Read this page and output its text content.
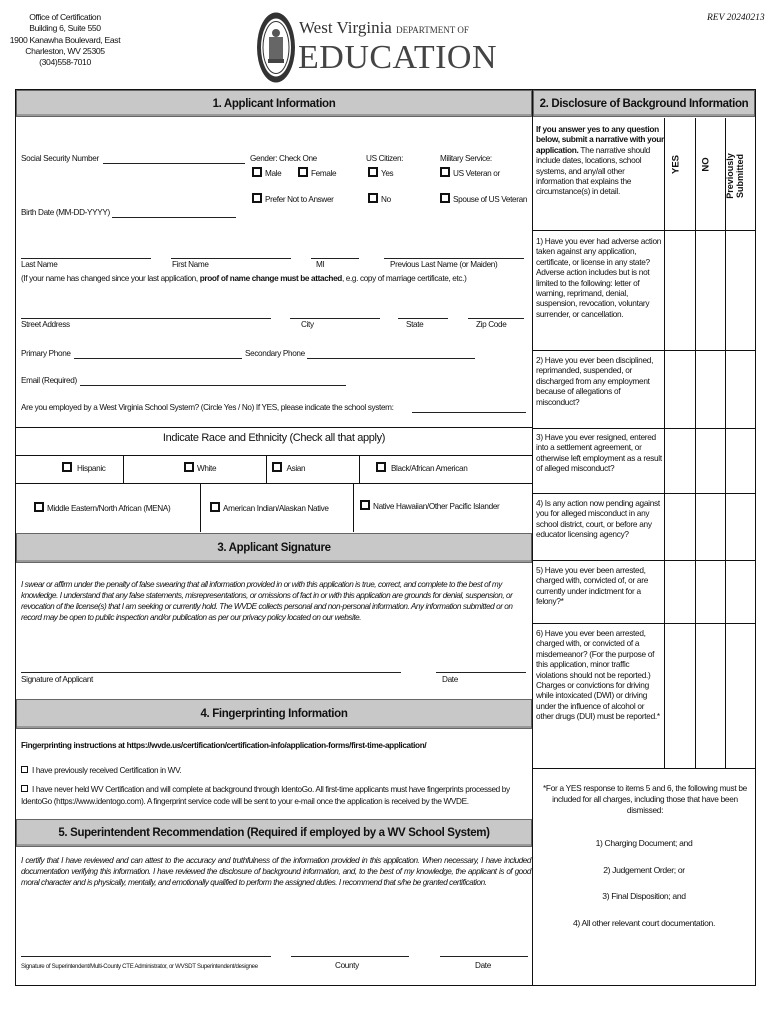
Office of Certification
Building 6, Suite 550
1900 Kanawha Boulevard, East
Charleston, WV 25305
(304)558-7010
West Virginia DEPARTMENT OF
EDUCATION
REV 20240213
1. Applicant Information
Social Security Number	Gender: Check One
Male	Female
Prefer Not to Answer
US Citizen:
Yes
No
Military Service:
US Veteran or
Spouse of US Veteran
Birth Date (MM-DD-YYYY)
Last Name	First Name	MI	Previous Last Name (or Maiden)
(If your name has changed since your last application, proof of name change must be attached, e.g. copy of marriage certificate, etc.)
Street Address	City	State	Zip Code
Primary Phone	Secondary Phone
Email (Required)
Are you employed by a West Virginia School System? (Circle Yes / No) If YES, please indicate the school system:
Indicate Race and Ethnicity (Check all that apply)
Hispanic	White	Asian	Black/African American
Middle Eastern/North African (MENA)	American Indian/Alaskan Native	Native Hawaiian/Other Pacific Islander
3. Applicant Signature
I swear or affirm under the penalty of false swearing that all information provided in or with this application is true, correct, and complete to the best of my knowledge. I understand that any false statements, misrepresentations, or omissions of fact in or with this application are grounds for denial, suspension, or revocation of the license(s) that I am seeking or currently hold. The WVDE collects personal and non-personal information. Any information submitted or on record may be open to public inspection and/or publication as per our privacy policy located on our website.
Signature of Applicant	Date
4. Fingerprinting Information
Fingerprinting instructions at https://wvde.us/certification/certification-info/application-forms/first-time-application/
I have previously received Certification in WV.
I have never held WV Certification and will complete at background through IdentoGo. All first-time applicants must have fingerprints processed by IdentoGo (https://www.identogo.com). A fingerprint service code will be sent to your e-mail once the application is received by the WVDE.
5. Superintendent Recommendation (Required if employed by a WV School System)
I certify that I have reviewed and can attest to the accuracy and truthfulness of the information provided in this application. When necessary, I have included documentation verifying this information. I have reviewed the disclosure of background information, and, to the best of my knowledge, the applicant is of good moral character and is physically, mentally, and emotionally qualified to perform the assigned duties. I recommend that s/he be granted certification.
Signature of Superintendent/Multi-County CTE Administrator, or WVSDT Superintendent/designee	County	Date
2. Disclosure of Background Information
YES NO Previously Submitted
If you answer yes to any question below, submit a narrative with your application. The narrative should include dates, locations, school systems, and any/all other information that explains the circumstance(s) in detail.
1) Have you ever had adverse action taken against any application, certificate, or license in any state? Adverse action includes but is not limited to the following: letter of warning, reprimand, denial, suspension, revocation, voluntary surrender, or cancellation.
2) Have you ever been disciplined, reprimanded, suspended, or discharged from any employment because of allegations of misconduct?
3) Have you ever resigned, entered into a settlement agreement, or otherwise left employment as a result of alleged misconduct?
4) Is any action now pending against you for alleged misconduct in any school district, court, or before any educator licensing agency?
5) Have you ever been arrested, charged with, convicted of, or are currently under indictment for a felony?*
6) Have you ever been arrested, charged with, or convicted of a misdemeanor? (For the purpose of this application, minor traffic violations should not be reported.) Charges or convictions for driving while intoxicated (DWI) or driving under the influence of alcohol or other drugs (DUI) must be reported.*
*For a YES response to items 5 and 6, the following must be included for all charges, including those that have been dismissed:
1) Charging Document; and
2) Judgement Order; or
3) Final Disposition; and
4) All other relevant court documentation.
